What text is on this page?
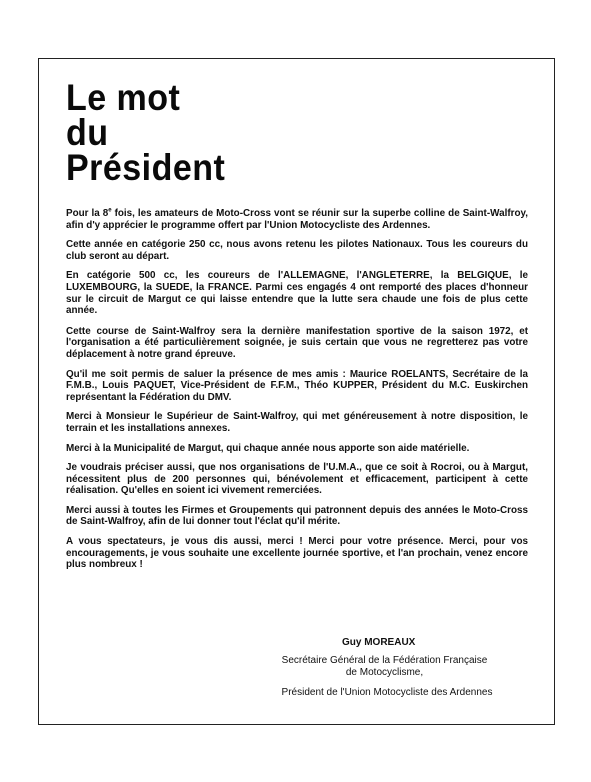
Le mot
du
Président

Pour la 8e fois, les amateurs de Moto-Cross vont se réunir sur la superbe colline de Saint-Walfroy, afin d'y apprécier le programme offert par l'Union Motocycliste des Ardennes.

Cette année en catégorie 250 cc, nous avons retenu les pilotes Nationaux. Tous les coureurs du club seront au départ.

En catégorie 500 cc, les coureurs de l'ALLEMAGNE, l'ANGLETERRE, la BELGIQUE, le LUXEMBOURG, la SUEDE, la FRANCE. Parmi ces engagés 4 ont remporté des places d'honneur sur le circuit de Margut ce qui laisse entendre que la lutte sera chaude une fois de plus cette année.

Cette course de Saint-Walfroy sera la dernière manifestation sportive de la saison 1972, et l'organisation a été particulièrement soignée, je suis certain que vous ne regretterez pas votre déplacement à notre grand épreuve.

Qu'il me soit permis de saluer la présence de mes amis : Maurice ROELANTS, Secrétaire de la F.M.B., Louis PAQUET, Vice-Président de F.F.M., Théo KUPPER, Président du M.C. Euskirchen représentant la Fédération du DMV.

Merci à Monsieur le Supérieur de Saint-Walfroy, qui met généreusement à notre disposition, le terrain et les installations annexes.

Merci à la Municipalité de Margut, qui chaque année nous apporte son aide matérielle.

Je voudrais préciser aussi, que nos organisations de l'U.M.A., que ce soit à Rocroi, ou à Margut, nécessitent plus de 200 personnes qui, bénévolement et efficacement, participent à cette réalisation. Qu'elles en soient ici vivement remerciées.

Merci aussi à toutes les Firmes et Groupements qui patronnent depuis des années le Moto-Cross de Saint-Walfroy, afin de lui donner tout l'éclat qu'il mérite.

A vous spectateurs, je vous dis aussi, merci ! Merci pour votre présence. Merci, pour vos encouragements, je vous souhaite une excellente journée sportive, et l'an prochain, venez encore plus nombreux !

Guy MOREAUX
Secrétaire Général de la Fédération Française
de Motocyclisme,
Président de l'Union Motocycliste des Ardennes
